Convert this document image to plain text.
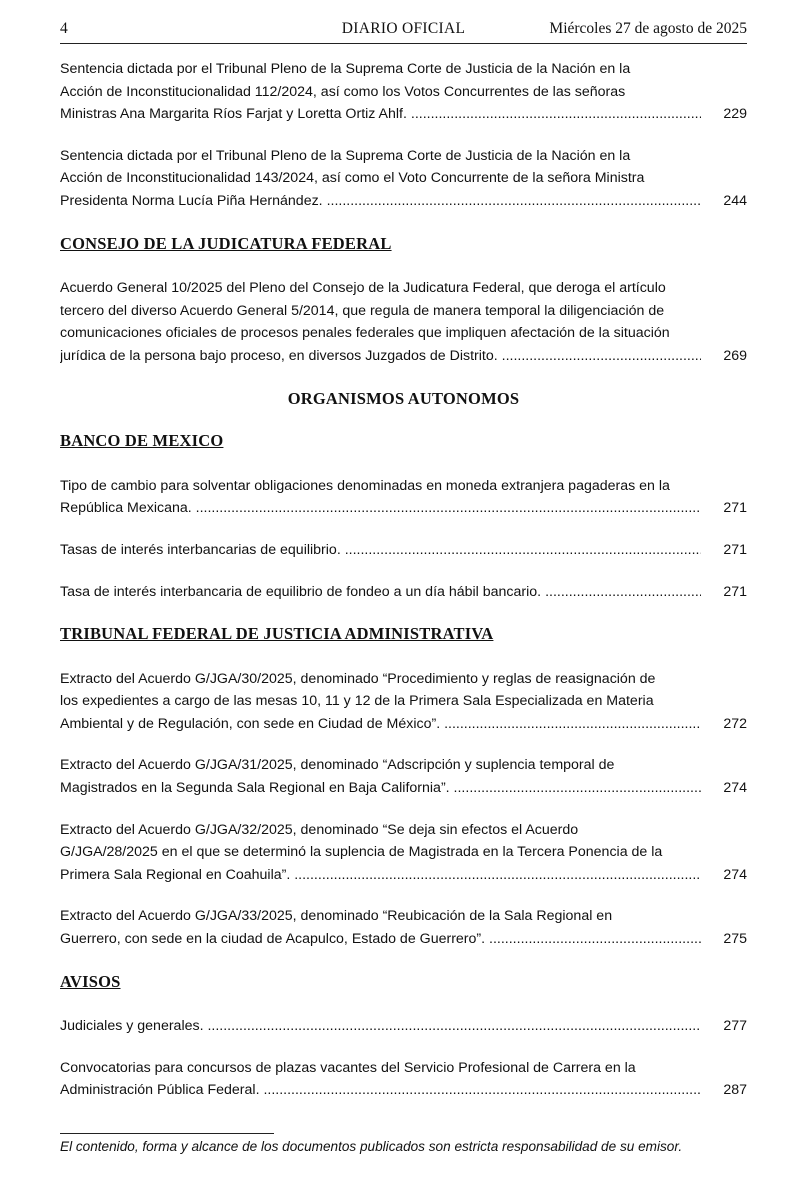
DIARIO OFICIAL
4	Miércoles 27 de agosto de 2025
Sentencia dictada por el Tribunal Pleno de la Suprema Corte de Justicia de la Nación en la
Acción de Inconstitucionalidad 112/2024, así como los Votos Concurrentes de las señoras
Ministras Ana Margarita Ríos Farjat y Loretta Ortiz Ahlf. .....	229
Sentencia dictada por el Tribunal Pleno de la Suprema Corte de Justicia de la Nación en la
Acción de Inconstitucionalidad 143/2024, así como el Voto Concurrente de la señora Ministra
Presidenta Norma Lucía Piña Hernández. .....	244
CONSEJO DE LA JUDICATURA FEDERAL
Acuerdo General 10/2025 del Pleno del Consejo de la Judicatura Federal, que deroga el artículo
tercero del diverso Acuerdo General 5/2014, que regula de manera temporal la diligenciación de
comunicaciones oficiales de procesos penales federales que impliquen afectación de la situación
jurídica de la persona bajo proceso, en diversos Juzgados de Distrito. .....	269
ORGANISMOS AUTONOMOS
BANCO DE MEXICO
Tipo de cambio para solventar obligaciones denominadas en moneda extranjera pagaderas en la
República Mexicana. .....	271
Tasas de interés interbancarias de equilibrio. .....	271
Tasa de interés interbancaria de equilibrio de fondeo a un día hábil bancario. .....	271
TRIBUNAL FEDERAL DE JUSTICIA ADMINISTRATIVA
Extracto del Acuerdo G/JGA/30/2025, denominado “Procedimiento y reglas de reasignación de
los expedientes a cargo de las mesas 10, 11 y 12 de la Primera Sala Especializada en Materia
Ambiental y de Regulación, con sede en Ciudad de México”. .....	272
Extracto del Acuerdo G/JGA/31/2025, denominado “Adscripción y suplencia temporal de
Magistrados en la Segunda Sala Regional en Baja California”. .....	274
Extracto del Acuerdo G/JGA/32/2025, denominado “Se deja sin efectos el Acuerdo
G/JGA/28/2025 en el que se determinó la suplencia de Magistrada en la Tercera Ponencia de la
Primera Sala Regional en Coahuila”. .....	274
Extracto del Acuerdo G/JGA/33/2025, denominado “Reubicación de la Sala Regional en
Guerrero, con sede en la ciudad de Acapulco, Estado de Guerrero”. .....	275
AVISOS
Judiciales y generales. .....	277
Convocatorias para concursos de plazas vacantes del Servicio Profesional de Carrera en la
Administración Pública Federal. .....	287
El contenido, forma y alcance de los documentos publicados son estricta responsabilidad de su emisor.
